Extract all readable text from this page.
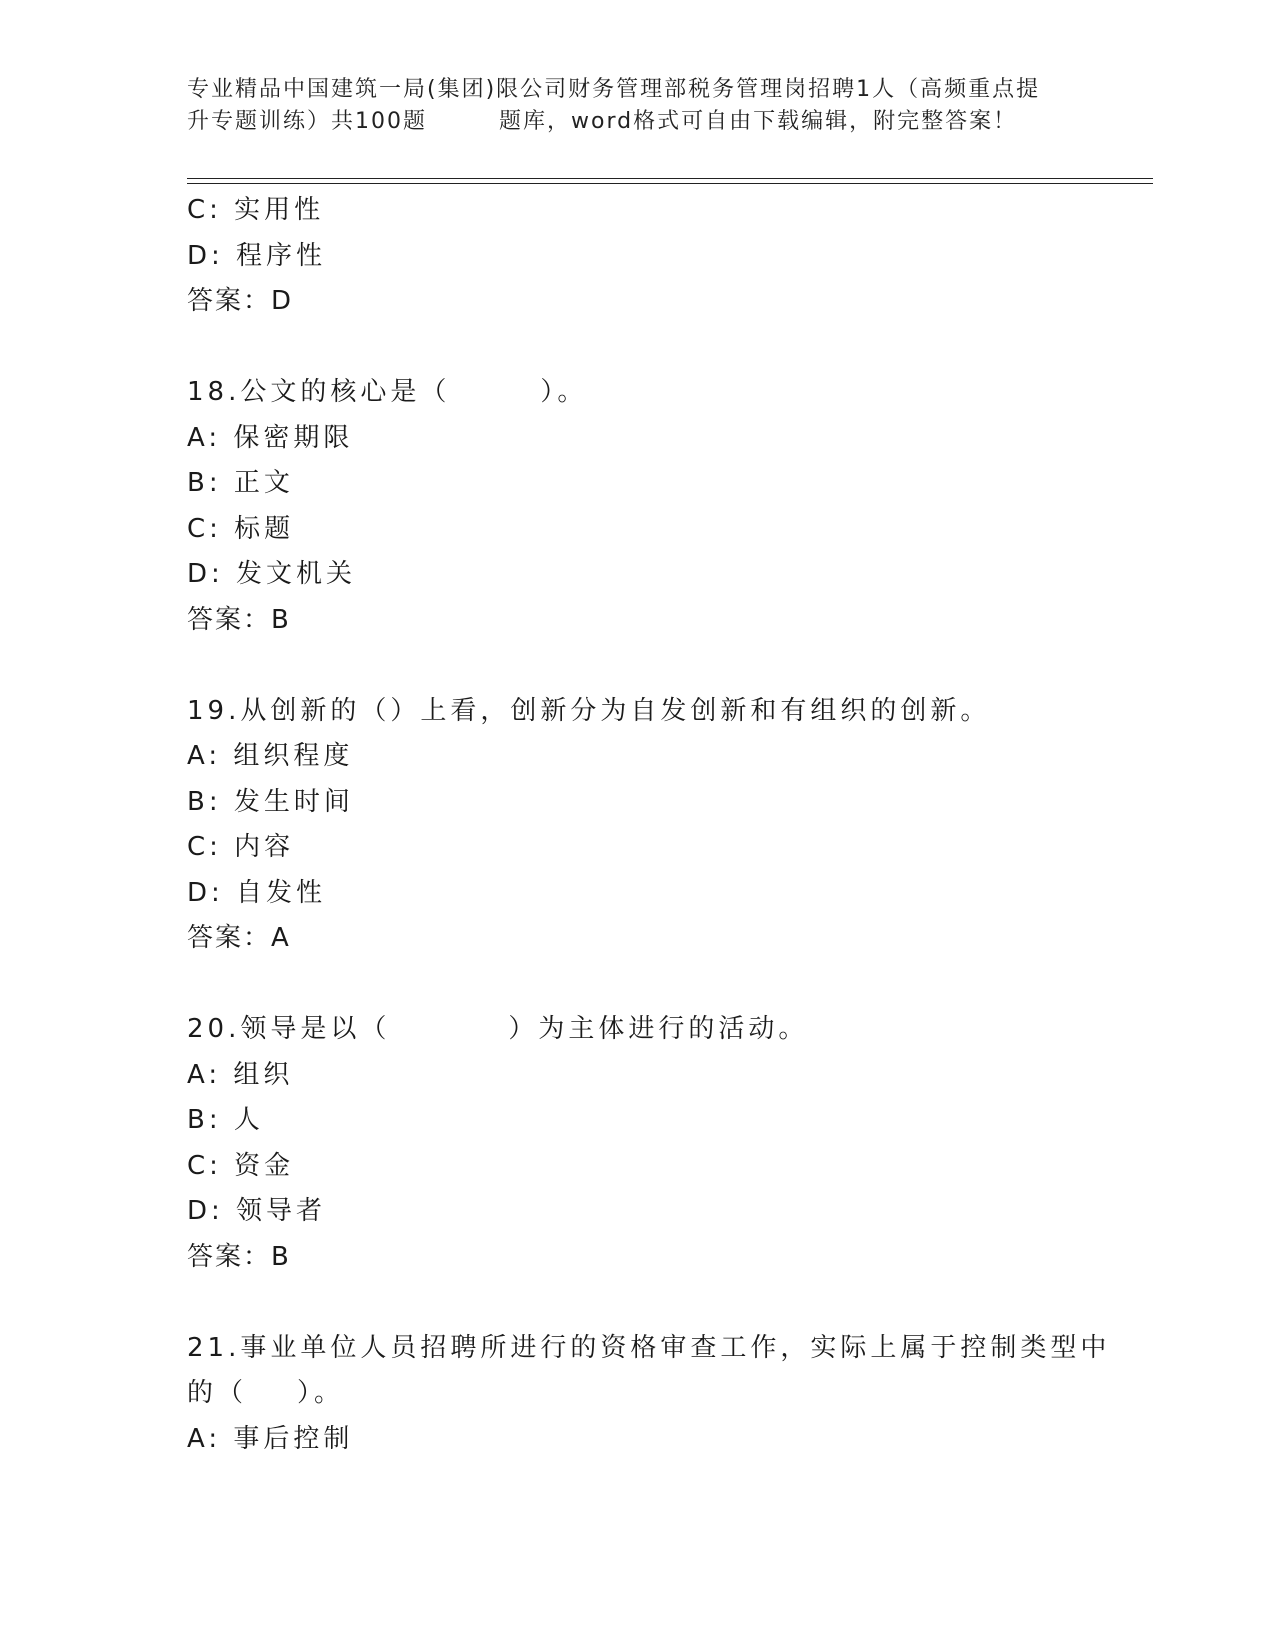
专业精品中国建筑一局(集团)限公司财务管理部税务管理岗招聘1人（高频重点提
升专题训练）共100题	题库，word格式可自由下载编辑，附完整答案！
C: 实用性
D: 程序性
答案：D
18.公文的核心是（	）。
A: 保密期限
B: 正文
C: 标题
D: 发文机关
答案：B
19.从创新的（）上看，创新分为自发创新和有组织的创新。
A: 组织程度
B: 发生时间
C: 内容
D: 自发性
答案：A
20.领导是以（	）为主体进行的活动。
A: 组织
B: 人
C: 资金
D: 领导者
答案：B
21.事业单位人员招聘所进行的资格审查工作，实际上属于控制类型中
的（ ）。
A: 事后控制
